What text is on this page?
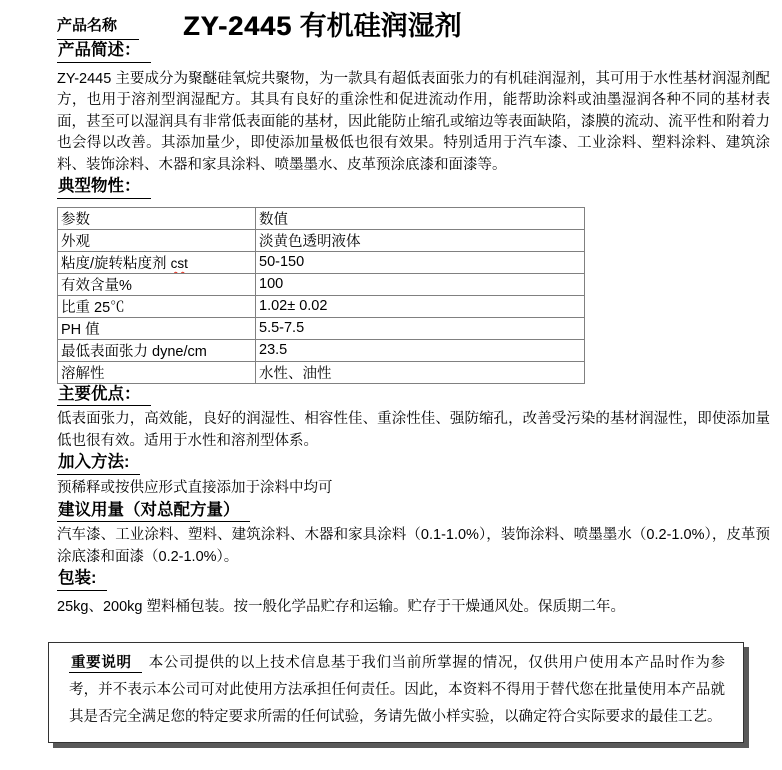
产品名称	ZY-2445 有机硅润湿剂
产品简述：

ZY-2445 主要成分为聚醚硅氧烷共聚物，为一款具有超低表面张力的有机硅润湿剂，其可用于水性基材润湿剂配方，也用于溶剂型润湿配方。其具有良好的重涂性和促进流动作用，能帮助涂料或油墨湿润各种不同的基材表面，甚至可以湿润具有非常低表面能的基材，因此能防止缩孔或缩边等表面缺陷，漆膜的流动、流平性和附着力也会得以改善。其添加量少，即使添加量极低也很有效果。特别适用于汽车漆、工业涂料、塑料涂料、建筑涂料、装饰涂料、木器和家具涂料、喷墨墨水、皮革预涂底漆和面漆等。

典型物性：
参数	数值
外观	淡黄色透明液体
粘度/旋转粘度剂 cst	50-150
有效含量%	100
比重 25℃	1.02± 0.02
PH 值	5.5-7.5
最低表面张力 dyne/cm	23.5
溶解性	水性、油性
主要优点：

低表面张力，高效能，良好的润湿性、相容性佳、重涂性佳、强防缩孔，改善受污染的基材润湿性，即使添加量低也很有效。适用于水性和溶剂型体系。

加入方法:

预稀释或按供应形式直接添加于涂料中均可

建议用量（对总配方量）

汽车漆、工业涂料、塑料、建筑涂料、木器和家具涂料（0.1-1.0%），装饰涂料、喷墨墨水（0.2-1.0%），皮革预涂底漆和面漆（0.2-1.0%）。

包装:

25kg、200kg 塑料桶包装。按一般化学品贮存和运输。贮存于干燥通风处。保质期二年。

重要说明 本公司提供的以上技术信息基于我们当前所掌握的情况，仅供用户使用本产品时作为参考，并不表示本公司可对此使用方法承担任何责任。因此，本资料不得用于替代您在批量使用本产品就其是否完全满足您的特定要求所需的任何试验，务请先做小样实验，以确定符合实际要求的最佳工艺。
